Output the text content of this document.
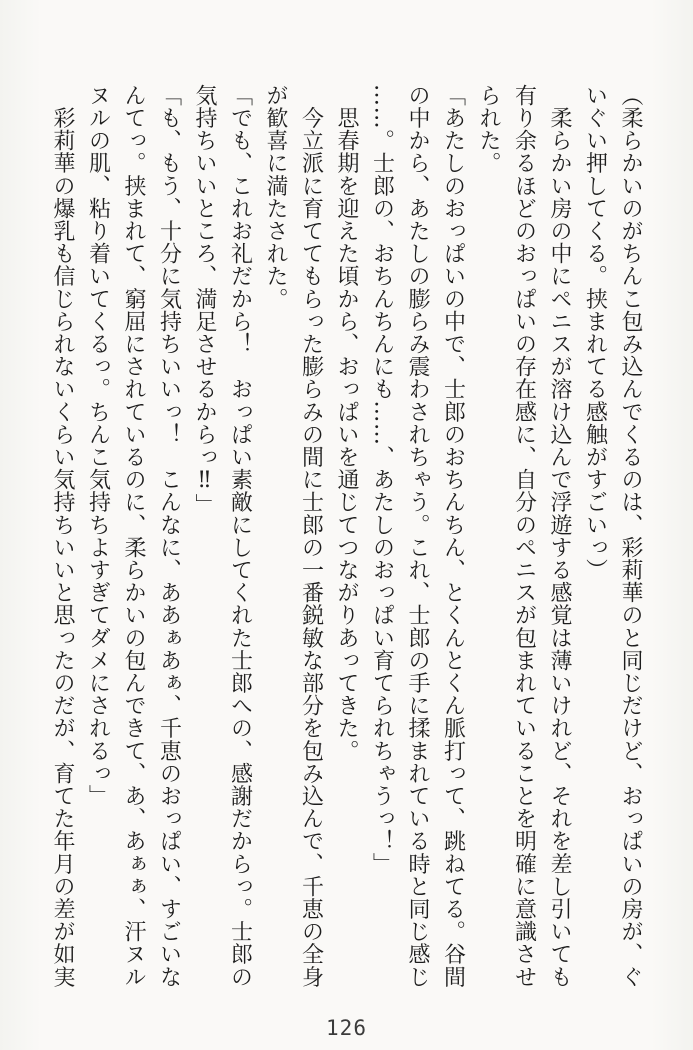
（柔らかいのがちんこ包み込んでくるのは、彩莉華のと同じだけど、おっぱいの房が、ぐ
いぐい押してくる。挟まれてる感触がすごいっ）
　柔らかい房の中にペニスが溶け込んで浮遊する感覚は薄いけれど、それを差し引いても
有り余るほどのおっぱいの存在感に、自分のペニスが包まれていることを明確に意識させ
られた。
「あたしのおっぱいの中で、士郎のおちんちん、とくんとくん脈打って、跳ねてる。谷間
の中から、あたしの膨らみ震わされちゃう。これ、士郎の手に揉まれている時と同じ感じ
……。士郎の、おちんちんにも……、あたしのおっぱい育てられちゃうっ！」
　思春期を迎えた頃から、おっぱいを通じてつながりあってきた。
　今立派に育ててもらった膨らみの間に士郎の一番鋭敏な部分を包み込んで、千恵の全身
が歓喜に満たされた。
「でも、これお礼だから！　おっぱい素敵にしてくれた士郎への、感謝だからっ。士郎の
気持ちいいところ、満足させるからっ‼」
「も、もう、十分に気持ちいいっ！　こんなに、ああぁあぁ、千恵のおっぱい、すごいな
んてっ。挟まれて、窮屈にされているのに、柔らかいの包んできて、あ、あぁぁ、汗ヌル
ヌルの肌、粘り着いてくるっ。ちんこ気持ちよすぎてダメにされるっ」
　彩莉華の爆乳も信じられないくらい気持ちいいと思ったのだが、育てた年月の差が如実
126
